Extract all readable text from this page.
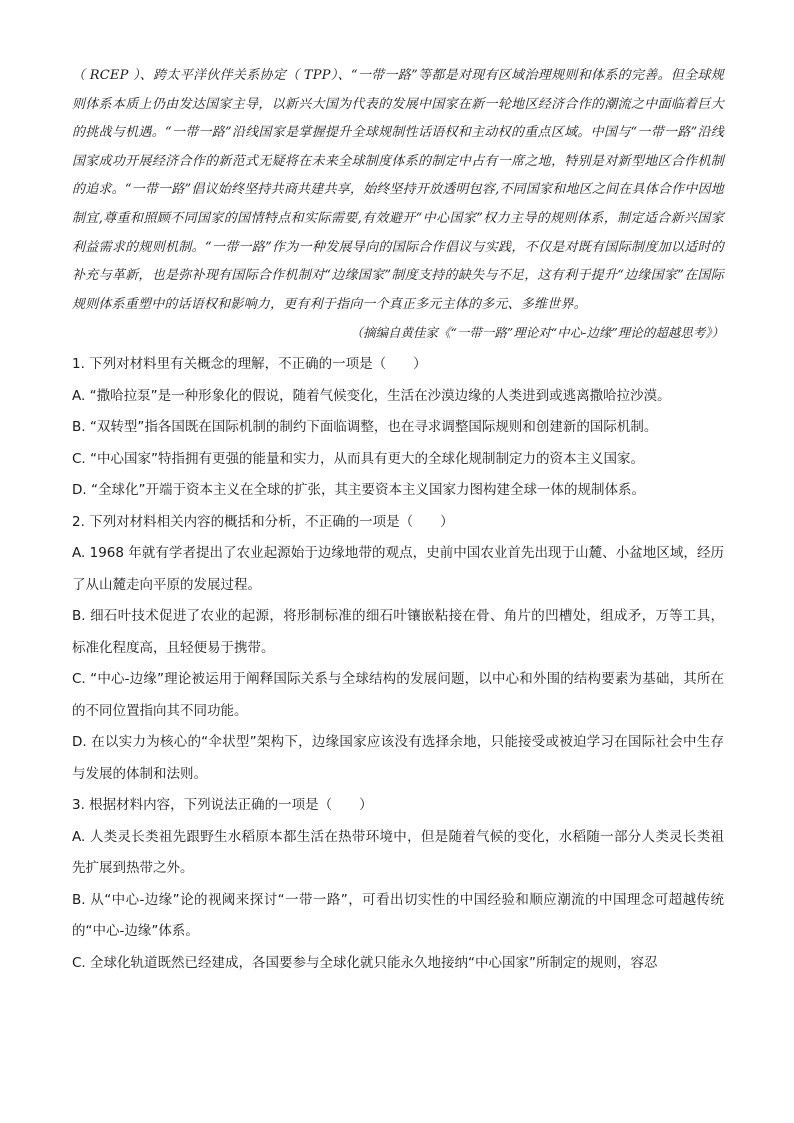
（ RCEP ）、跨太平洋伙伴关系协定（ TPP）、“一带一路”等都是对现有区域治理规则和体系的完善。但全球规则体系本质上仍由发达国家主导，以新兴大国为代表的发展中国家在新一轮地区经济合作的潮流之中面临着巨大的挑战与机遇。“一带一路”沿线国家是掌握提升全球规制性话语权和主动权的重点区域。中国与“一带一路”沿线国家成功开展经济合作的新范式无疑将在未来全球制度体系的制定中占有一席之地，特别是对新型地区合作机制的追求。“一带一路”倡议始终坚持共商共建共享，始终坚持开放透明包容,不同国家和地区之间在具体合作中因地制宜,尊重和照顾不同国家的国情特点和实际需要,有效避开“中心国家”权力主导的规则体系，制定适合新兴国家利益需求的规则机制。“一带一路”作为一种发展导向的国际合作倡议与实践，不仅是对既有国际制度加以适时的补充与革新，也是弥补现有国际合作机制对“边缘国家”制度支持的缺失与不足，这有利于提升“边缘国家”在国际规则体系重塑中的话语权和影响力，更有利于指向一个真正多元主体的多元、多维世界。

（摘编自黄佳家《“一带一路”理论对“中心-边缘”理论的超越思考》）

1. 下列对材料里有关概念的理解，不正确的一项是（　　）

A. “撒哈拉泵”是一种形象化的假说，随着气候变化，生活在沙漠边缘的人类进到或逃离撒哈拉沙漠。

B. “双转型”指各国既在国际机制的制约下面临调整，也在寻求调整国际规则和创建新的国际机制。

C. “中心国家”特指拥有更强的能量和实力，从而具有更大的全球化规制制定力的资本主义国家。

D. “全球化”开端于资本主义在全球的扩张，其主要资本主义国家力图构建全球一体的规制体系。

2. 下列对材料相关内容的概括和分析，不正确的一项是（　　）

A. 1968 年就有学者提出了农业起源始于边缘地带的观点，史前中国农业首先出现于山麓、小盆地区域，经历了从山麓走向平原的发展过程。

B. 细石叶技术促进了农业的起源，将形制标准的细石叶镶嵌粘接在骨、角片的凹槽处，组成矛，万等工具，标准化程度高，且轻便易于携带。

C. “中心-边缘”理论被运用于阐释国际关系与全球结构的发展问题，以中心和外围的结构要素为基础，其所在的不同位置指向其不同功能。

D. 在以实力为核心的“伞状型”架构下，边缘国家应该没有选择余地，只能接受或被迫学习在国际社会中生存与发展的体制和法则。

3. 根据材料内容，下列说法正确的一项是（　　）

A. 人类灵长类祖先跟野生水稻原本都生活在热带环境中，但是随着气候的变化，水稻随一部分人类灵长类祖先扩展到热带之外。

B. 从“中心-边缘”论的视阈来探讨“一带一路”，可看出切实性的中国经验和顺应潮流的中国理念可超越传统的“中心-边缘”体系。

C. 全球化轨道既然已经建成，各国要参与全球化就只能永久地接纳“中心国家”所制定的规则，容忍
